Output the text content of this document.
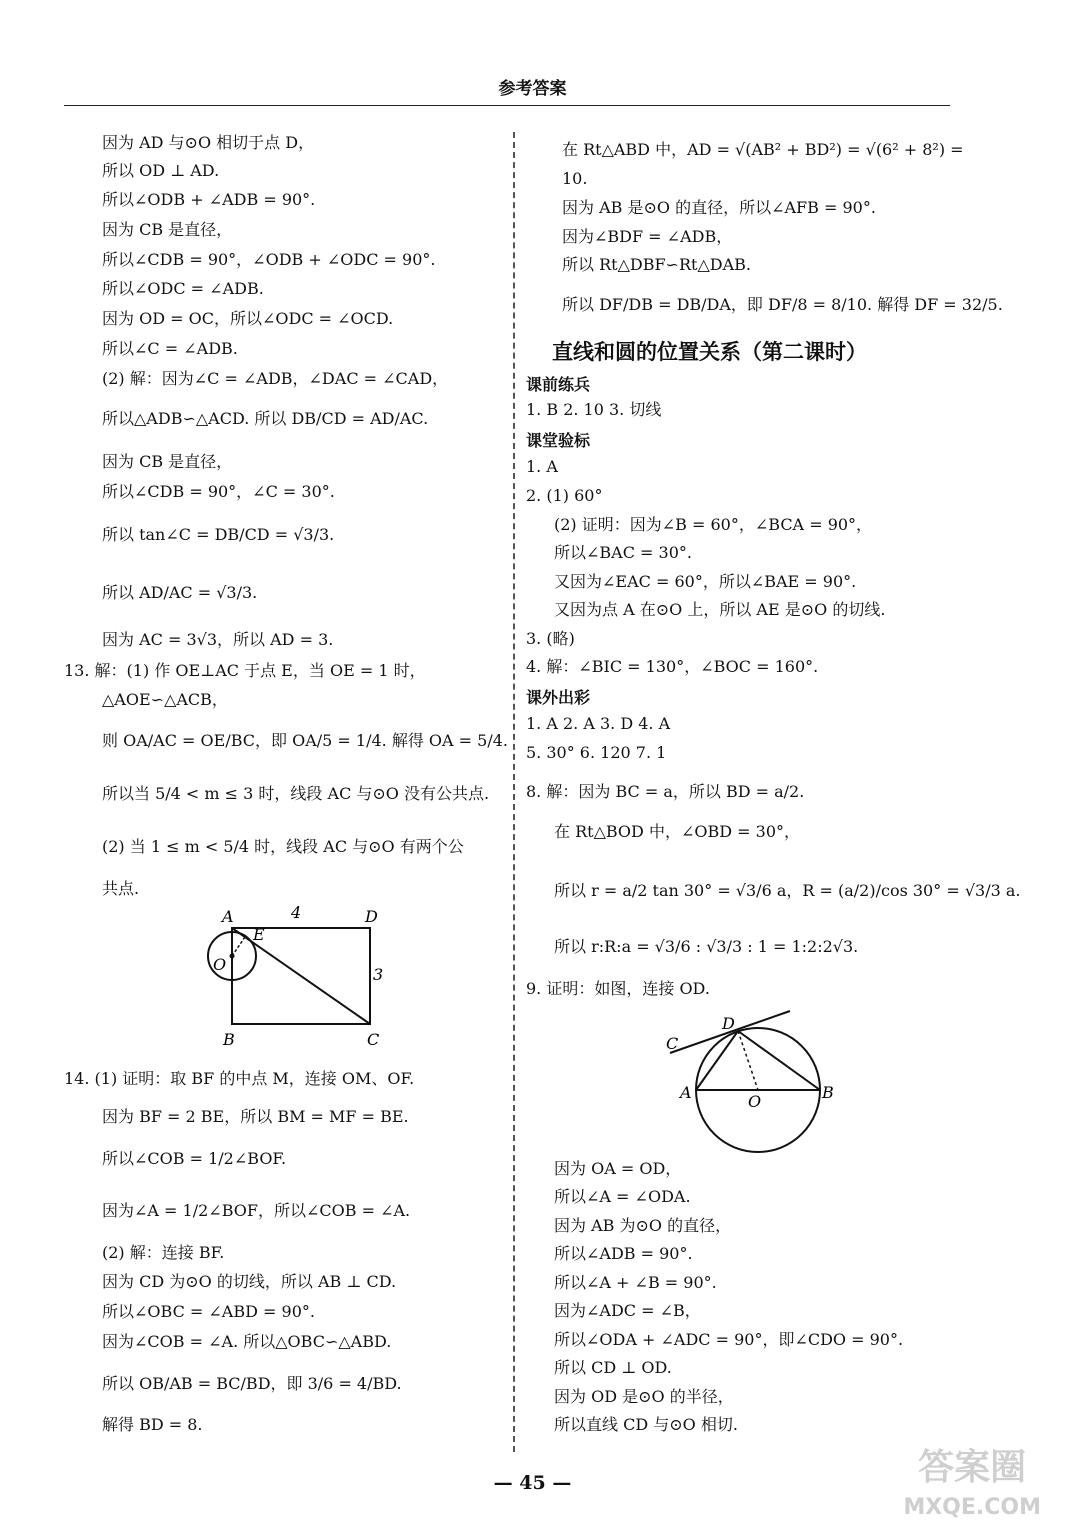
参考答案
因为 AD 与⊙O 相切于点 D，
所以 OD ⊥ AD.
所以∠ODB + ∠ADB = 90°.
因为 CB 是直径，
所以∠CDB = 90°，∠ODB + ∠ODC = 90°.
所以∠ODC = ∠ADB.
因为 OD = OC，所以∠ODC = ∠OCD.
所以∠C = ∠ADB.
(2) 解：因为∠C = ∠ADB，∠DAC = ∠CAD，
所以△ADB∽△ACD. 所以 DB/CD = AD/AC.
因为 CB 是直径，
所以∠CDB = 90°，∠C = 30°.
所以 tan∠C = DB/CD = √3/3.
所以 AD/AC = √3/3.
因为 AC = 3√3，所以 AD = 3.
13. 解：(1) 作 OE⊥AC 于点 E，当 OE = 1 时，
△AOE∽△ACB，
则 OA/AC = OE/BC，即 OA/5 = 1/4. 解得 OA = 5/4.
所以当 5/4 < m ≤ 3 时，线段 AC 与⊙O 没有公共点.
(2) 当 1 ≤ m < 5/4 时，线段 AC 与⊙O 有两个公
共点.
A	D
4
E
O
3
B	C
14. (1) 证明：取 BF 的中点 M，连接 OM、OF.
因为 BF = 2 BE，所以 BM = MF = BE.
所以∠COB = 1/2∠BOF.
因为∠A = 1/2∠BOF，所以∠COB = ∠A.
(2) 解：连接 BF.
因为 CD 为⊙O 的切线，所以 AB ⊥ CD.
所以∠OBC = ∠ABD = 90°.
因为∠COB = ∠A. 所以△OBC∽△ABD.
所以 OB/AB = BC/BD，即 3/6 = 4/BD.
解得 BD = 8.
在 Rt△ABD 中，AD = √(AB² + BD²) = √(6² + 8²) =
10.
因为 AB 是⊙O 的直径，所以∠AFB = 90°.
因为∠BDF = ∠ADB，
所以 Rt△DBF∽Rt△DAB.
所以 DF/DB = DB/DA，即 DF/8 = 8/10. 解得 DF = 32/5.
直线和圆的位置关系（第二课时）
课前练兵
1. B 2. 10 3. 切线
课堂验标
1. A
2. (1) 60°
(2) 证明：因为∠B = 60°，∠BCA = 90°，
所以∠BAC = 30°.
又因为∠EAC = 60°，所以∠BAE = 90°.
又因为点 A 在⊙O 上，所以 AE 是⊙O 的切线.
3. (略)
4. 解：∠BIC = 130°，∠BOC = 160°.
课外出彩
1. A 2. A 3. D 4. A
5. 30° 6. 120 7. 1
8. 解：因为 BC = a，所以 BD = a/2.
在 Rt△BOD 中，∠OBD = 30°，
所以 r = a/2 tan 30° = √3/6 a，R = (a/2)/cos 30° = √3/3 a.
所以 r:R:a = √3/6 : √3/3 : 1 = 1:2:2√3.
9. 证明：如图，连接 OD.
D
C
A	O	B
因为 OA = OD，
所以∠A = ∠ODA.
因为 AB 为⊙O 的直径，
所以∠ADB = 90°.
所以∠A + ∠B = 90°.
因为∠ADC = ∠B，
所以∠ODA + ∠ADC = 90°，即∠CDO = 90°.
所以 CD ⊥ OD.
因为 OD 是⊙O 的半径，
所以直线 CD 与⊙O 相切.
— 45 —	答案圈
MXQE.COM
